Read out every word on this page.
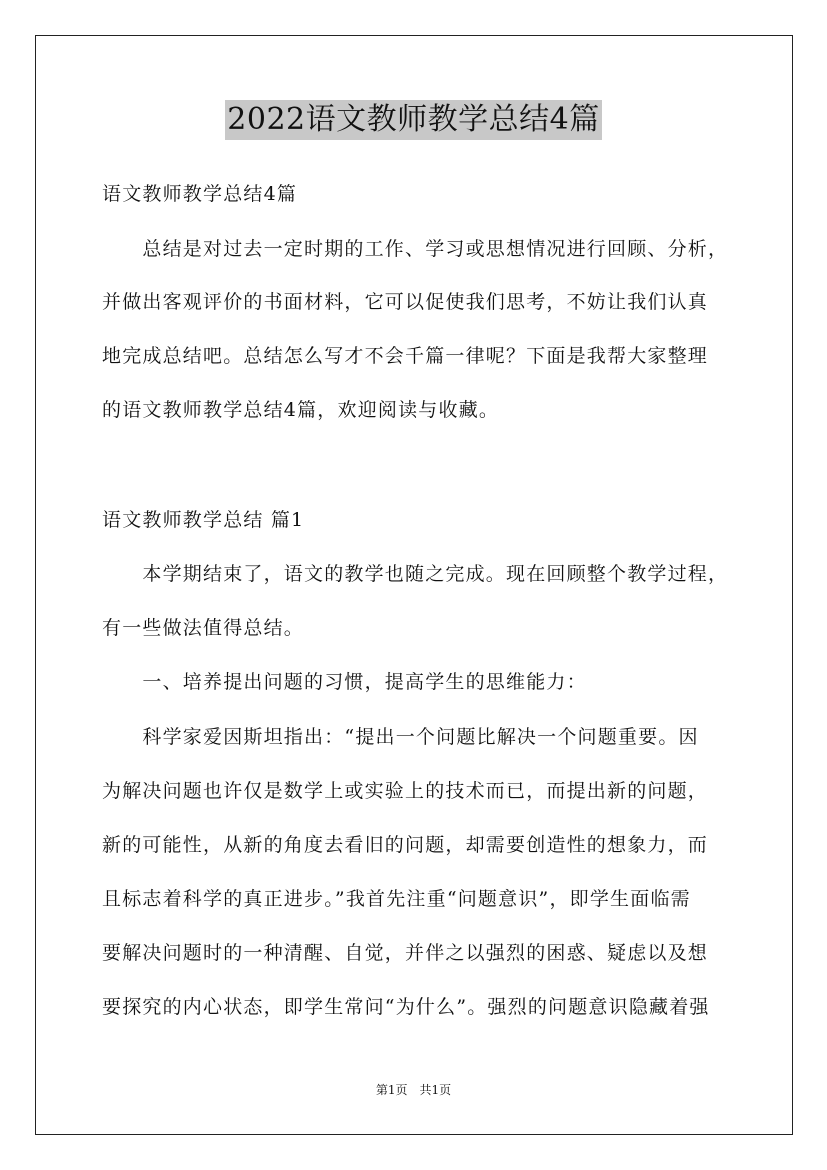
2022语文教师教学总结4篇
语文教师教学总结4篇
　　总结是对过去一定时期的工作、学习或思想情况进行回顾、分析，
并做出客观评价的书面材料，它可以促使我们思考，不妨让我们认真
地完成总结吧。总结怎么写才不会千篇一律呢？下面是我帮大家整理
的语文教师教学总结4篇，欢迎阅读与收藏。
语文教师教学总结 篇1
　　本学期结束了，语文的教学也随之完成。现在回顾整个教学过程，
有一些做法值得总结。
　　一、培养提出问题的习惯，提高学生的思维能力：
　　科学家爱因斯坦指出：“提出一个问题比解决一个问题重要。因
为解决问题也许仅是数学上或实验上的技术而已，而提出新的问题，
新的可能性，从新的角度去看旧的问题，却需要创造性的想象力，而
且标志着科学的真正进步。”我首先注重“问题意识”，即学生面临需
要解决问题时的一种清醒、自觉，并伴之以强烈的困惑、疑虑以及想
要探究的内心状态，即学生常问“为什么”。强烈的问题意识隐藏着强
第1页　共1页
